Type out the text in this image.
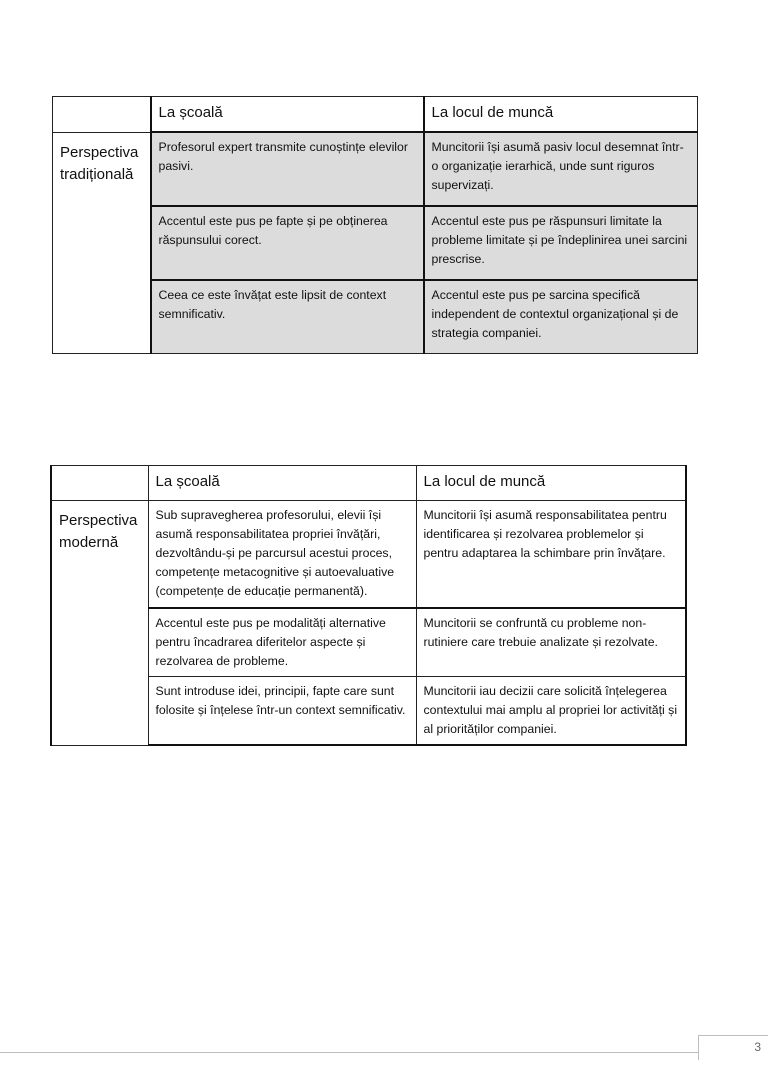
	La școală	La locul de muncă
Perspectiva tradițională	Profesorul expert transmite cunoștințe elevilor pasivi.	Muncitorii își asumă pasiv locul desemnat într-o organizație ierarhică, unde sunt riguros supervizați.
	Accentul este pus pe fapte și pe obținerea răspunsului corect.	Accentul este pus pe răspunsuri limitate la probleme limitate și pe îndeplinirea unei sarcini prescrise.
	Ceea ce este învățat este lipsit de context semnificativ.	Accentul este pus pe sarcina specifică independent de contextul organizațional și de strategia companiei.
	La școală	La locul de muncă
Perspectiva modernă	Sub supravegherea profesorului, elevii își asumă responsabilitatea propriei învățări, dezvoltându-și pe parcursul acestui proces, competențe metacognitive și autoevaluative (competențe de educație permanentă).	Muncitorii își asumă responsabilitatea pentru identificarea și rezolvarea problemelor și pentru adaptarea la schimbare prin învățare.
	Accentul este pus pe modalități alternative pentru încadrarea diferitelor aspecte și rezolvarea de probleme.	Muncitorii se confruntă cu probleme non-rutiniere care trebuie analizate și rezolvate.
	Sunt introduse idei, principii, fapte care sunt folosite și înțelese într-un context semnificativ.	Muncitorii iau decizii care solicită înțelegerea contextului mai amplu al propriei lor activități și al priorităților companiei.
3
